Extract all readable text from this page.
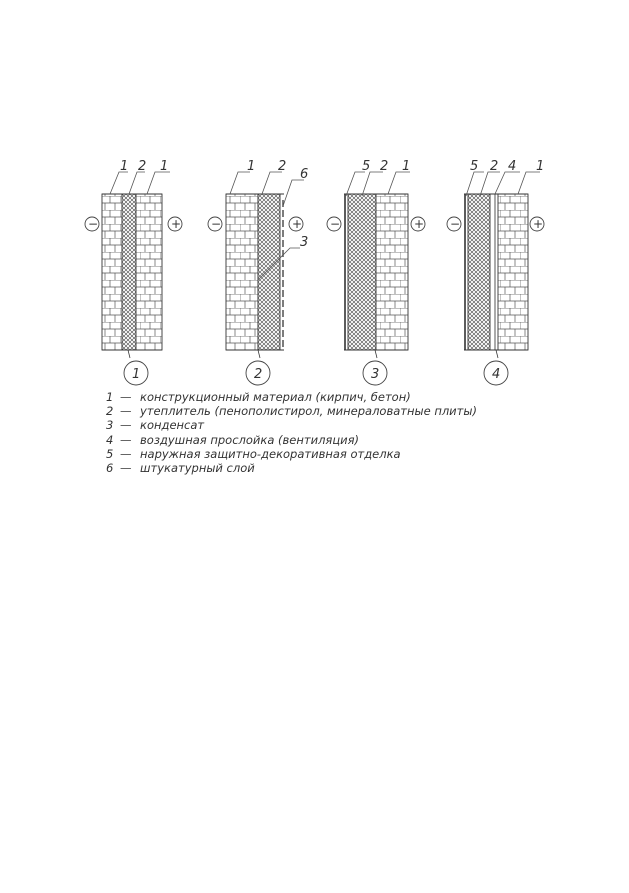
1 2 1
−	+
1
1 2
6
3
−	+
2
5 2 1
−	+
3
5 2 4 1
−	+
4
1 — конструкционный материал (кирпич, бетон)
2 — утеплитель (пенополистирол, минераловатные плиты)
3 — конденсат
4 — воздушная прослойка (вентиляция)
5 — наружная защитно-декоративная отделка
6 — штукатурный слой
